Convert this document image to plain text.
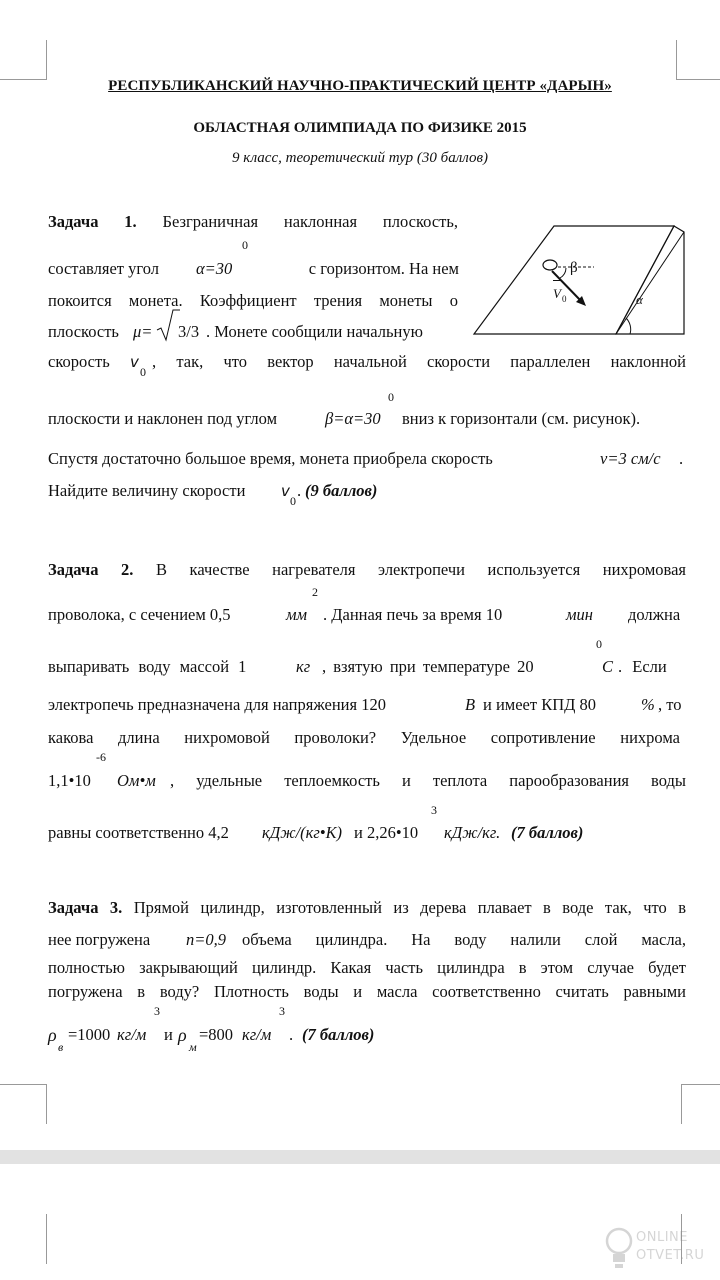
РЕСПУБЛИКАНСКИЙ НАУЧНО-ПРАКТИЧЕСКИЙ ЦЕНТР «ДАРЫН»
ОБЛАСТНАЯ ОЛИМПИАДА ПО ФИЗИКЕ 2015
9 класс, теоретический тур (30 баллов)
Задача 1. Безграничная наклонная плоскость,
0
составляет угол α=30	с горизонтом. На нем
покоится монета. Коэффициент трения монеты о
плоскость μ= 3/3 . Монете сообщили начальную
скорость v
0
, так, что вектор начальной скорости параллелен наклонной
0
плоскости и наклонен под углом	β=α=30 вниз к горизонтали (см. рисунок).
Спустя достаточно большое время, монета приобрела скорость	v=3 см/с .
Найдите величину скорости v
0
. (9 баллов)
β
α
V 0
Задача 2. В качестве нагревателя электропечи используется нихромовая
2
проволока, с сечением 0,5	мм . Данная печь за время 10	мин должна
0
выпаривать воду массой 1	кг , взятую при температуре 20	C . Если
электропечь предназначена для напряжения 120	В и имеет КПД 80	% , то
какова длина нихромовой проволоки? Удельное сопротивление нихрома
-6
1,1•10 Ом•м , удельные теплоемкость и теплота парообразования воды
3
равны соответственно 4,2 кДж/(кг•К) и 2,26•10 кДж/кг. (7 баллов)
Задача 3. Прямой цилиндр, изготовленный из дерева плавает в воде так, что в
нее погружена n=0,9 объема цилиндра. На воду налили слой масла,
полностью закрывающий цилиндр. Какая часть цилиндра в этом случае будет
погружена в воду? Плотность воды и масла соответственно считать равными
3	3
ρ
в
=1000 кг/м и ρ
м
=800 кг/м . (7 баллов)
ONLINE
OTVET.RU
